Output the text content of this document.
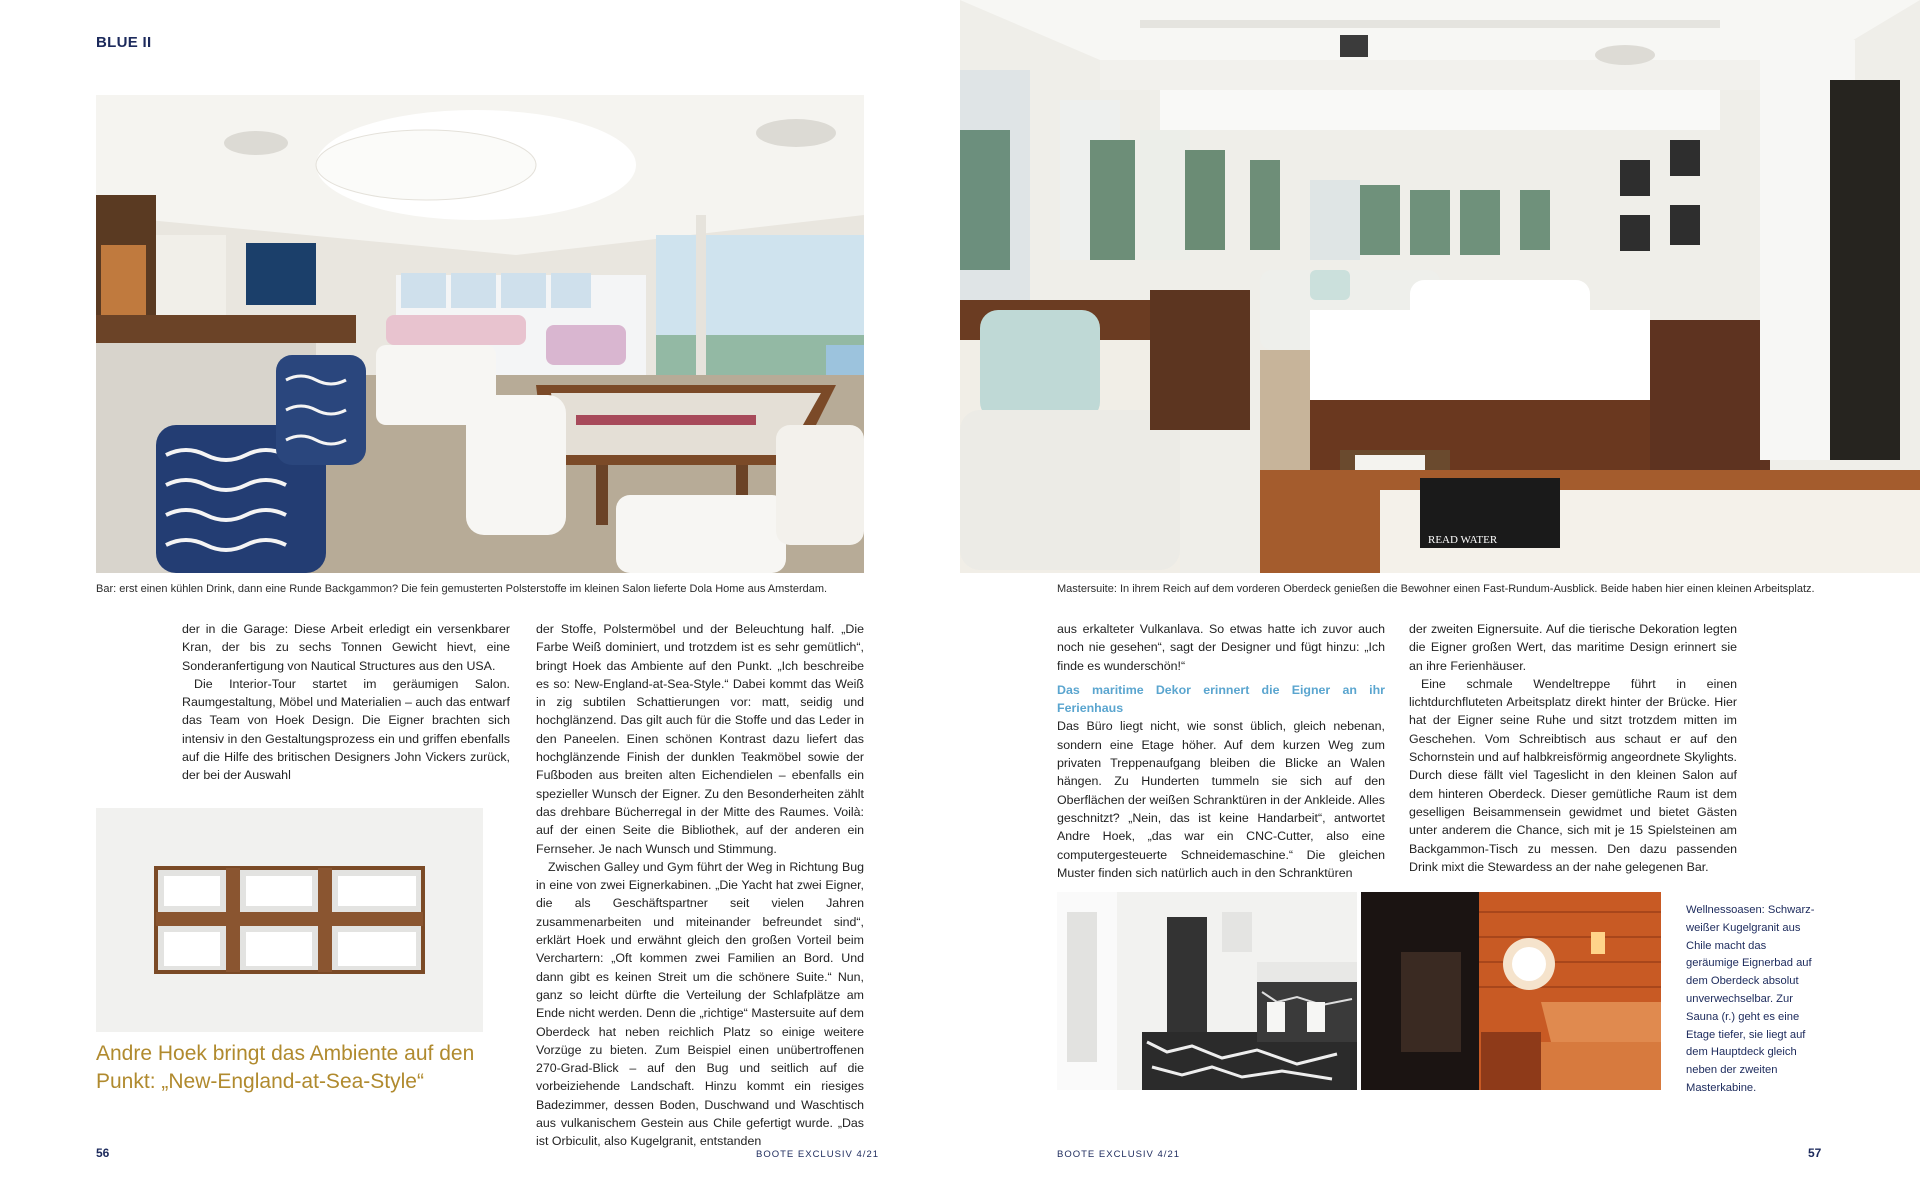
BLUE II
Bar: erst einen kühlen Drink, dann eine Runde Backgammon? Die fein gemusterten Polsterstoffe im kleinen Salon lieferte Dola Home aus Amsterdam.

der in die Garage: Diese Arbeit erledigt ein versenkbarer Kran, der bis zu sechs Tonnen Gewicht hievt, eine Sonderanfertigung von Nautical Structures aus den USA.

Die Interior-Tour startet im geräumigen Salon. Raumgestaltung, Möbel und Materialien – auch das entwarf das Team von Hoek Design. Die Eigner brachten sich intensiv in den Gestaltungsprozess ein und griffen ebenfalls auf die Hilfe des britischen Designers John Vickers zurück, der bei der Auswahl

der Stoffe, Polstermöbel und der Beleuchtung half. „Die Farbe Weiß dominiert, und trotzdem ist es sehr gemütlich“, bringt Hoek das Ambiente auf den Punkt. „Ich beschreibe es so: New-England-at-Sea-Style.“ Dabei kommt das Weiß in zig subtilen Schattierungen vor: matt, seidig und hochglänzend. Das gilt auch für die Stoffe und das Leder in den Paneelen. Einen schönen Kontrast dazu liefert das hochglänzende Finish der dunklen Teakmöbel sowie der Fußboden aus breiten alten Eichendielen – ebenfalls ein spezieller Wunsch der Eigner. Zu den Besonderheiten zählt das drehbare Bücherregal in der Mitte des Raumes. Voilà: auf der einen Seite die Bibliothek, auf der anderen ein Fernseher. Je nach Wunsch und Stimmung.

Zwischen Galley und Gym führt der Weg in Richtung Bug in eine von zwei Eignerkabinen. „Die Yacht hat zwei Eigner, die als Geschäftspartner seit vielen Jahren zusammenarbeiten und miteinander befreundet sind“, erklärt Hoek und erwähnt gleich den großen Vorteil beim Verchartern: „Oft kommen zwei Familien an Bord. Und dann gibt es keinen Streit um die schönere Suite.“ Nun, ganz so leicht dürfte die Verteilung der Schlafplätze am Ende nicht werden. Denn die „richtige“ Mastersuite auf dem Oberdeck hat neben reichlich Platz so einige weitere Vorzüge zu bieten. Zum Beispiel einen unübertroffenen 270-Grad-Blick – auf den Bug und seitlich auf die vorbeiziehende Landschaft. Hinzu kommt ein riesiges Badezimmer, dessen Boden, Duschwand und Waschtisch aus vulkanischem Gestein aus Chile gefertigt wurde. „Das ist Orbiculit, also Kugelgranit, entstanden

Andre Hoek bringt das Ambiente auf den Punkt: „New-England-at-Sea-Style“
56	BOOTE EXCLUSIV 4/21
READ WATER
Mastersuite: In ihrem Reich auf dem vorderen Oberdeck genießen die Bewohner einen Fast-Rundum-Ausblick. Beide haben hier einen kleinen Arbeitsplatz.

aus erkalteter Vulkanlava. So etwas hatte ich zuvor auch noch nie gesehen“, sagt der Designer und fügt hinzu: „Ich finde es wunderschön!“

Das maritime Dekor erinnert die Eigner an ihr Ferienhaus

Das Büro liegt nicht, wie sonst üblich, gleich nebenan, sondern eine Etage höher. Auf dem kurzen Weg zum privaten Treppenaufgang bleiben die Blicke an Walen hängen. Zu Hunderten tummeln sie sich auf den Oberflächen der weißen Schranktüren in der Ankleide. Alles geschnitzt? „Nein, das ist keine Handarbeit“, antwortet Andre Hoek, „das war ein CNC-Cutter, also eine computergesteuerte Schneidemaschine.“ Die gleichen Muster finden sich natürlich auch in den Schranktüren

der zweiten Eignersuite. Auf die tierische Dekoration legten die Eigner großen Wert, das maritime Design erinnert sie an ihre Ferienhäuser.

Eine schmale Wendeltreppe führt in einen lichtdurchfluteten Arbeitsplatz direkt hinter der Brücke. Hier hat der Eigner seine Ruhe und sitzt trotzdem mitten im Geschehen. Vom Schreibtisch aus schaut er auf den Schornstein und auf halbkreisförmig angeordnete Skylights. Durch diese fällt viel Tageslicht in den kleinen Salon auf dem hinteren Oberdeck. Dieser gemütliche Raum ist dem geselligen Beisammensein gewidmet und bietet Gästen unter anderem die Chance, sich mit je 15 Spielsteinen am Backgammon-Tisch zu messen. Den dazu passenden Drink mixt die Stewardess an der nahe gelegenen Bar.

Wellnessoasen: Schwarz-weißer Kugelgranit aus Chile macht das geräumige Eignerbad auf dem Oberdeck absolut unverwechselbar. Zur Sauna (r.) geht es eine Etage tiefer, sie liegt auf dem Hauptdeck gleich neben der zweiten Masterkabine.
BOOTE EXCLUSIV 4/21	57
